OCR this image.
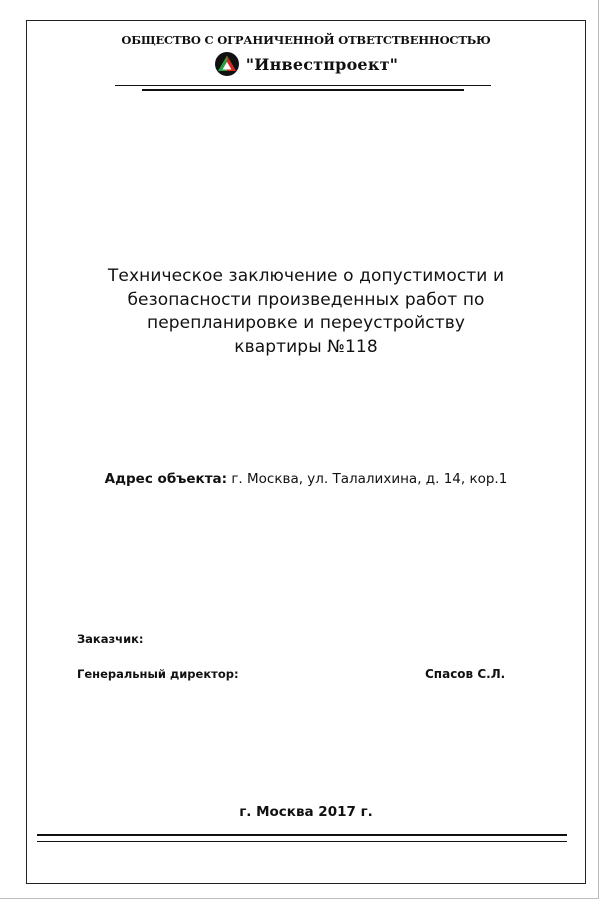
ОБЩЕСТВО С ОГРАНИЧЕННОЙ ОТВЕТСТВЕННОСТЬЮ
"Инвестпроект"
Техническое заключение о допустимости и
безопасности произведенных работ по
перепланировке и переустройству
квартиры №118
Адрес объекта: г. Москва, ул. Талалихина, д. 14, кор.1
Заказчик:
Генеральный директор:	Спасов С.Л.
г. Москва 2017 г.
